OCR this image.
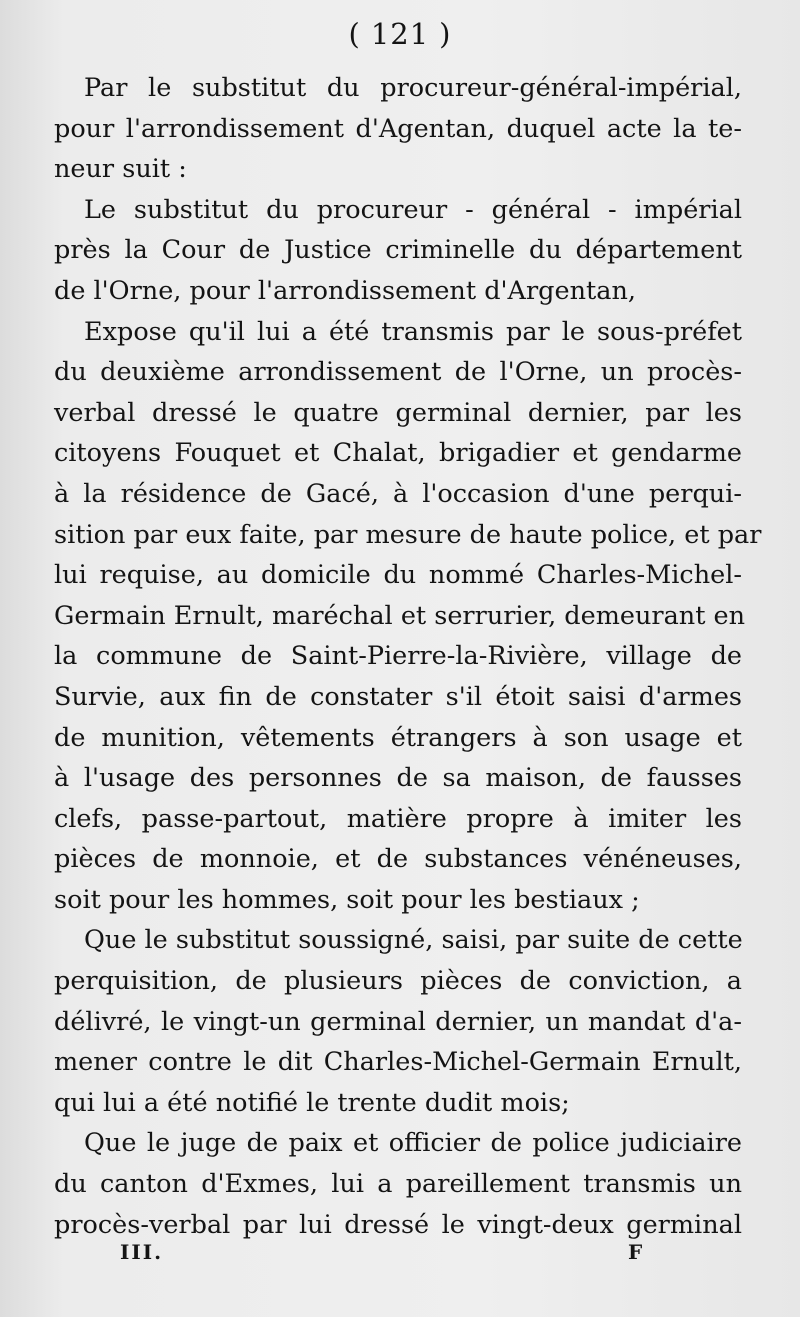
( 121 )
Par le substitut du procureur-général-impérial,
pour l'arrondissement d'Agentan, duquel acte la te-
neur suit :
Le substitut du procureur - général - impérial
près la Cour de Justice criminelle du département
de l'Orne, pour l'arrondissement d'Argentan,
Expose qu'il lui a été transmis par le sous-préfet
du deuxième arrondissement de l'Orne, un procès-
verbal dressé le quatre germinal dernier, par les
citoyens Fouquet et Chalat, brigadier et gendarme
à la résidence de Gacé, à l'occasion d'une perqui-
sition par eux faite, par mesure de haute police, et par
lui requise, au domicile du nommé Charles-Michel-
Germain Ernult, maréchal et serrurier, demeurant en
la commune de Saint-Pierre-la-Rivière, village de
Survie, aux fin de constater s'il étoit saisi d'armes
de munition, vêtements étrangers à son usage et
à l'usage des personnes de sa maison, de fausses
clefs, passe-partout, matière propre à imiter les
pièces de monnoie, et de substances vénéneuses,
soit pour les hommes, soit pour les bestiaux ;
Que le substitut soussigné, saisi, par suite de cette
perquisition, de plusieurs pièces de conviction, a
délivré, le vingt-un germinal dernier, un mandat d'a-
mener contre le dit Charles-Michel-Germain Ernult,
qui lui a été notifié le trente dudit mois;
Que le juge de paix et officier de police judiciaire
du canton d'Exmes, lui a pareillement transmis un
procès-verbal par lui dressé le vingt-deux germinal
III.	F
